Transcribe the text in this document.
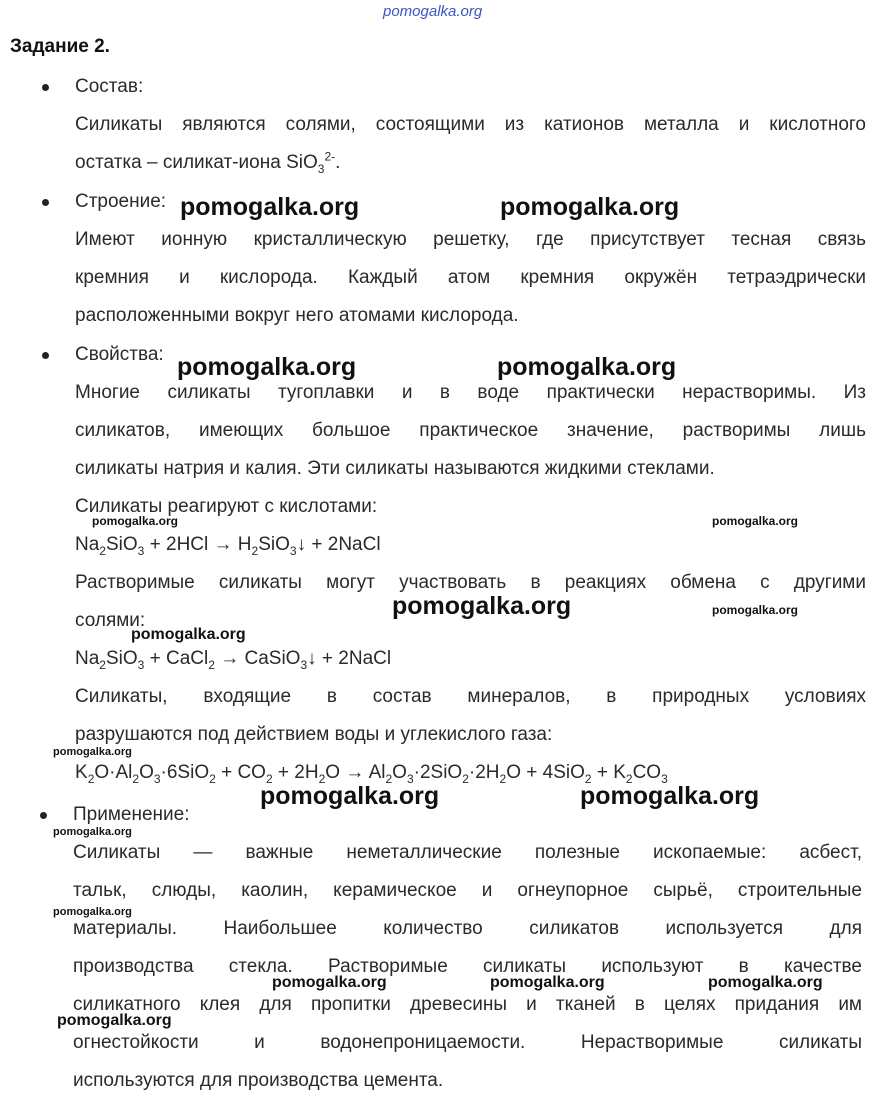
pomogalka.org
Задание 2.
Состав:
Силикаты являются солями, состоящими из катионов металла и кислотного
остатка – силикат-иона SiO$_3^{2-}$.
Строение:
Имеют ионную кристаллическую решетку, где присутствует тесная связь
кремния и кислорода. Каждый атом кремния окружён тетраэдрически
расположенными вокруг него атомами кислорода.
Свойства:
Многие силикаты тугоплавки и в воде практически нерастворимы. Из
силикатов, имеющих большое практическое значение, растворимы лишь
силикаты натрия и калия. Эти силикаты называются жидкими стеклами.
Силикаты реагируют с кислотами:
$Na_2SiO_3 + 2HCl$ → $H_2SiO_3↓$ + 2NaCl
Растворимые силикаты могут участвовать в реакциях обмена с другими
солями:
$Na_2SiO_3$ + CaCl$_2$ → CaSiO$_3$↓ + 2NaCl
Силикаты, входящие в состав минералов, в природных условиях
разрушаются под действием воды и углекислого газа:
$K_2O\cdot Al_2O_3\cdot 6SiO_2 + CO_2 + 2H_2O \to Al_2O_3\cdot 2SiO_2\cdot 2H_2O + 4SiO_2 + K_2CO_3$
Применение:
Силикаты — важные неметаллические полезные ископаемые: асбест,
тальк, слюды, каолин, керамическое и огнеупорное сырьё, строительные
материалы. Наибольшее количество силикатов используется для
производства стекла. Растворимые силикаты используют в качестве
силикатного клея для пропитки древесины и тканей в целях придания им
огнестойкости и водонепроницаемости. Нерастворимые силикаты
используются для производства цемента.
pomogalka.org	pomogalka.org
pomogalka.org	pomogalka.org
pomogalka.org	pomogalka.org
pomogalka.org	pomogalka.org
pomogalka.org
pomogalka.org
pomogalka.org	pomogalka.org
pomogalka.org
pomogalka.org
pomogalka.org	pomogalka.org	pomogalka.org
pomogalka.org
